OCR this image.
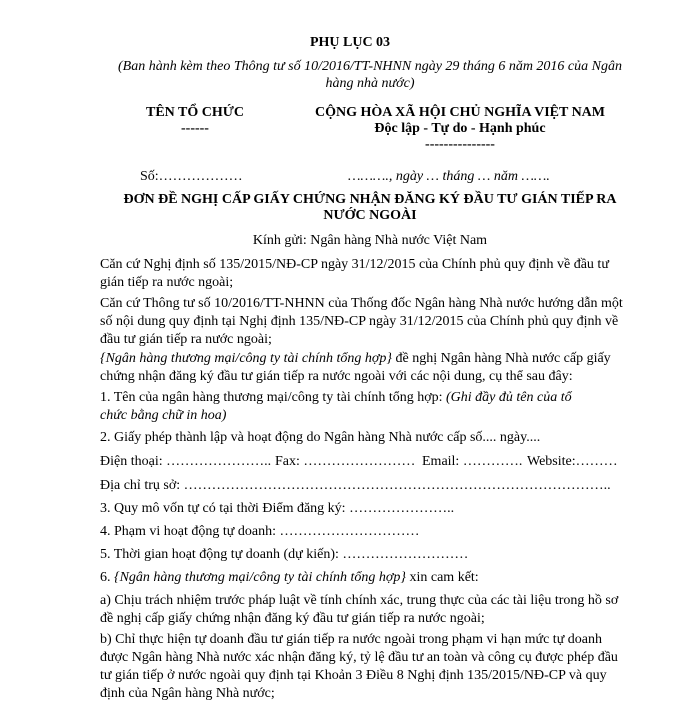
PHỤ LỤC 03
(Ban hành kèm theo Thông tư số 10/2016/TT-NHNN ngày 29 tháng 6 năm 2016 của Ngân
hàng nhà nước)
TÊN TỔ CHỨC
------
CỘNG HÒA XÃ HỘI CHỦ NGHĨA VIỆT NAM
Độc lập - Tự do - Hạnh phúc
---------------
Số:………………	………., ngày … tháng … năm …….
ĐƠN ĐỀ NGHỊ CẤP GIẤY CHỨNG NHẬN ĐĂNG KÝ ĐẦU TƯ GIÁN TIẾP RA
NƯỚC NGOÀI
Kính gửi: Ngân hàng Nhà nước Việt Nam

Căn cứ Nghị định số 135/2015/NĐ-CP ngày 31/12/2015 của Chính phủ quy định về đầu tư
gián tiếp ra nước ngoài;

Căn cứ Thông tư số 10/2016/TT-NHNN của Thống đốc Ngân hàng Nhà nước hướng dẫn một
số nội dung quy định tại Nghị định 135/NĐ-CP ngày 31/12/2015 của Chính phủ quy định về
đầu tư gián tiếp ra nước ngoài;

{Ngân hàng thương mại/công ty tài chính tổng hợp} đề nghị Ngân hàng Nhà nước cấp giấy
chứng nhận đăng ký đầu tư gián tiếp ra nước ngoài với các nội dung, cụ thể sau đây:

1. Tên của ngân hàng thương mại/công ty tài chính tổng hợp: (Ghi đầy đủ tên của tổ
chức bằng chữ in hoa)

2. Giấy phép thành lập và hoạt động do Ngân hàng Nhà nước cấp số.... ngày....

Điện thoại: ………………….. Fax: …………………… Email: …………. Website:………

Địa chỉ trụ sở: ………………………………………………………………………………..

3. Quy mô vốn tự có tại thời Điểm đăng ký: …………………..

4. Phạm vi hoạt động tự doanh: …………………………

5. Thời gian hoạt động tự doanh (dự kiến): ………………………

6. {Ngân hàng thương mại/công ty tài chính tổng hợp} xin cam kết:

a) Chịu trách nhiệm trước pháp luật về tính chính xác, trung thực của các tài liệu trong hồ sơ
đề nghị cấp giấy chứng nhận đăng ký đầu tư gián tiếp ra nước ngoài;

b) Chỉ thực hiện tự doanh đầu tư gián tiếp ra nước ngoài trong phạm vi hạn mức tự doanh
được Ngân hàng Nhà nước xác nhận đăng ký, tỷ lệ đầu tư an toàn và công cụ được phép đầu
tư gián tiếp ở nước ngoài quy định tại Khoản 3 Điều 8 Nghị định 135/2015/NĐ-CP và quy
định của Ngân hàng Nhà nước;
